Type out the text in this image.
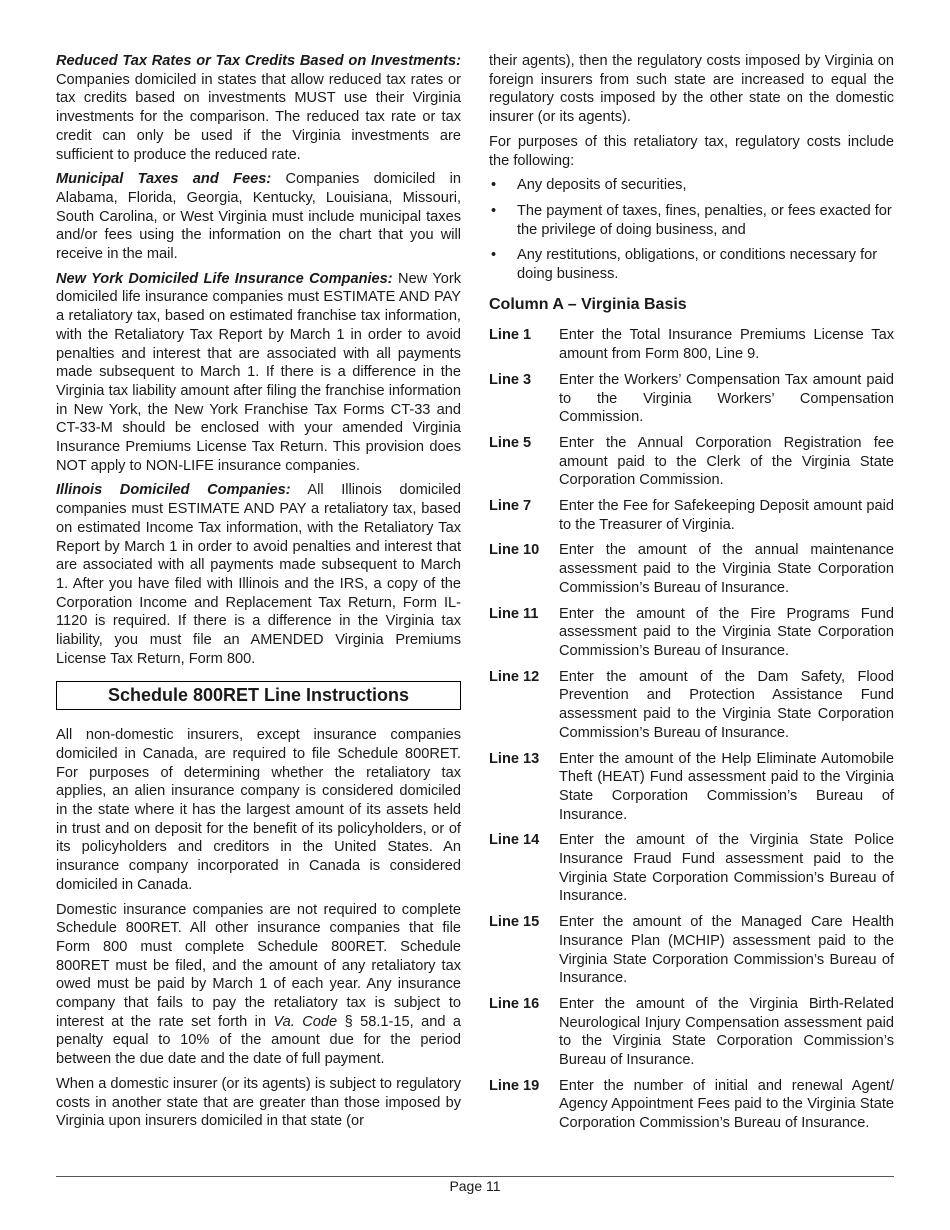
Reduced Tax Rates or Tax Credits Based on Investments: Companies domiciled in states that allow reduced tax rates or tax credits based on investments MUST use their Virginia investments for the comparison. The reduced tax rate or tax credit can only be used if the Virginia investments are sufficient to produce the reduced rate.

Municipal Taxes and Fees: Companies domiciled in Alabama, Florida, Georgia, Kentucky, Louisiana, Missouri, South Carolina, or West Virginia must include municipal taxes and/or fees using the information on the chart that you will receive in the mail.

New York Domiciled Life Insurance Companies: New York domiciled life insurance companies must ESTIMATE AND PAY a retaliatory tax, based on estimated franchise tax information, with the Retaliatory Tax Report by March 1 in order to avoid penalties and interest that are associated with all payments made subsequent to March 1. If there is a difference in the Virginia tax liability amount after filing the franchise information in New York, the New York Franchise Tax Forms CT-33 and CT-33-M should be enclosed with your amended Virginia Insurance Premiums License Tax Return. This provision does NOT apply to NON-LIFE insurance companies.

Illinois Domiciled Companies: All Illinois domiciled companies must ESTIMATE AND PAY a retaliatory tax, based on estimated Income Tax information, with the Retaliatory Tax Report by March 1 in order to avoid penalties and interest that are associated with all payments made subsequent to March 1. After you have filed with Illinois and the IRS, a copy of the Corporation Income and Replacement Tax Return, Form IL-1120 is required. If there is a difference in the Virginia tax liability, you must file an AMENDED Virginia Premiums License Tax Return, Form 800.

Schedule 800RET Line Instructions

All non-domestic insurers, except insurance companies domiciled in Canada, are required to file Schedule 800RET. For purposes of determining whether the retaliatory tax applies, an alien insurance company is considered domiciled in the state where it has the largest amount of its assets held in trust and on deposit for the benefit of its policyholders, or of its policyholders and creditors in the United States. An insurance company incorporated in Canada is considered domiciled in Canada.

Domestic insurance companies are not required to complete Schedule 800RET. All other insurance companies that file Form 800 must complete Schedule 800RET. Schedule 800RET must be filed, and the amount of any retaliatory tax owed must be paid by March 1 of each year. Any insurance company that fails to pay the retaliatory tax is subject to interest at the rate set forth in Va. Code § 58.1-15, and a penalty equal to 10% of the amount due for the period between the due date and the date of full payment.

When a domestic insurer (or its agents) is subject to regulatory costs in another state that are greater than those imposed by Virginia upon insurers domiciled in that state (or

their agents), then the regulatory costs imposed by Virginia on foreign insurers from such state are increased to equal the regulatory costs imposed by the other state on the domestic insurer (or its agents).

For purposes of this retaliatory tax, regulatory costs include the following:

• Any deposits of securities,
• The payment of taxes, fines, penalties, or fees exacted for the privilege of doing business, and
• Any restitutions, obligations, or conditions necessary for doing business.
Column A – Virginia Basis
Line 1	Enter the Total Insurance Premiums License Tax amount from Form 800, Line 9.
Line 3	Enter the Workers’ Compensation Tax amount paid to the Virginia Workers’ Compensation Commission.
Line 5	Enter the Annual Corporation Registration fee amount paid to the Clerk of the Virginia State Corporation Commission.
Line 7	Enter the Fee for Safekeeping Deposit amount paid to the Treasurer of Virginia.
Line 10	Enter the amount of the annual maintenance assessment paid to the Virginia State Corporation Commission’s Bureau of Insurance.
Line 11	Enter the amount of the Fire Programs Fund assessment paid to the Virginia State Corporation Commission’s Bureau of Insurance.
Line 12	Enter the amount of the Dam Safety, Flood Prevention and Protection Assistance Fund assessment paid to the Virginia State Corporation Commission’s Bureau of Insurance.
Line 13	Enter the amount of the Help Eliminate Automobile Theft (HEAT) Fund assessment paid to the Virginia State Corporation Commission’s Bureau of Insurance.
Line 14	Enter the amount of the Virginia State Police Insurance Fraud Fund assessment paid to the Virginia State Corporation Commission’s Bureau of Insurance.
Line 15	Enter the amount of the Managed Care Health Insurance Plan (MCHIP) assessment paid to the Virginia State Corporation Commission’s Bureau of Insurance.
Line 16	Enter the amount of the Virginia Birth-Related Neurological Injury Compensation assessment paid to the Virginia State Corporation Commission’s Bureau of Insurance.
Line 19	Enter the number of initial and renewal Agent/ Agency Appointment Fees paid to the Virginia State Corporation Commission’s Bureau of Insurance.
Page 11
